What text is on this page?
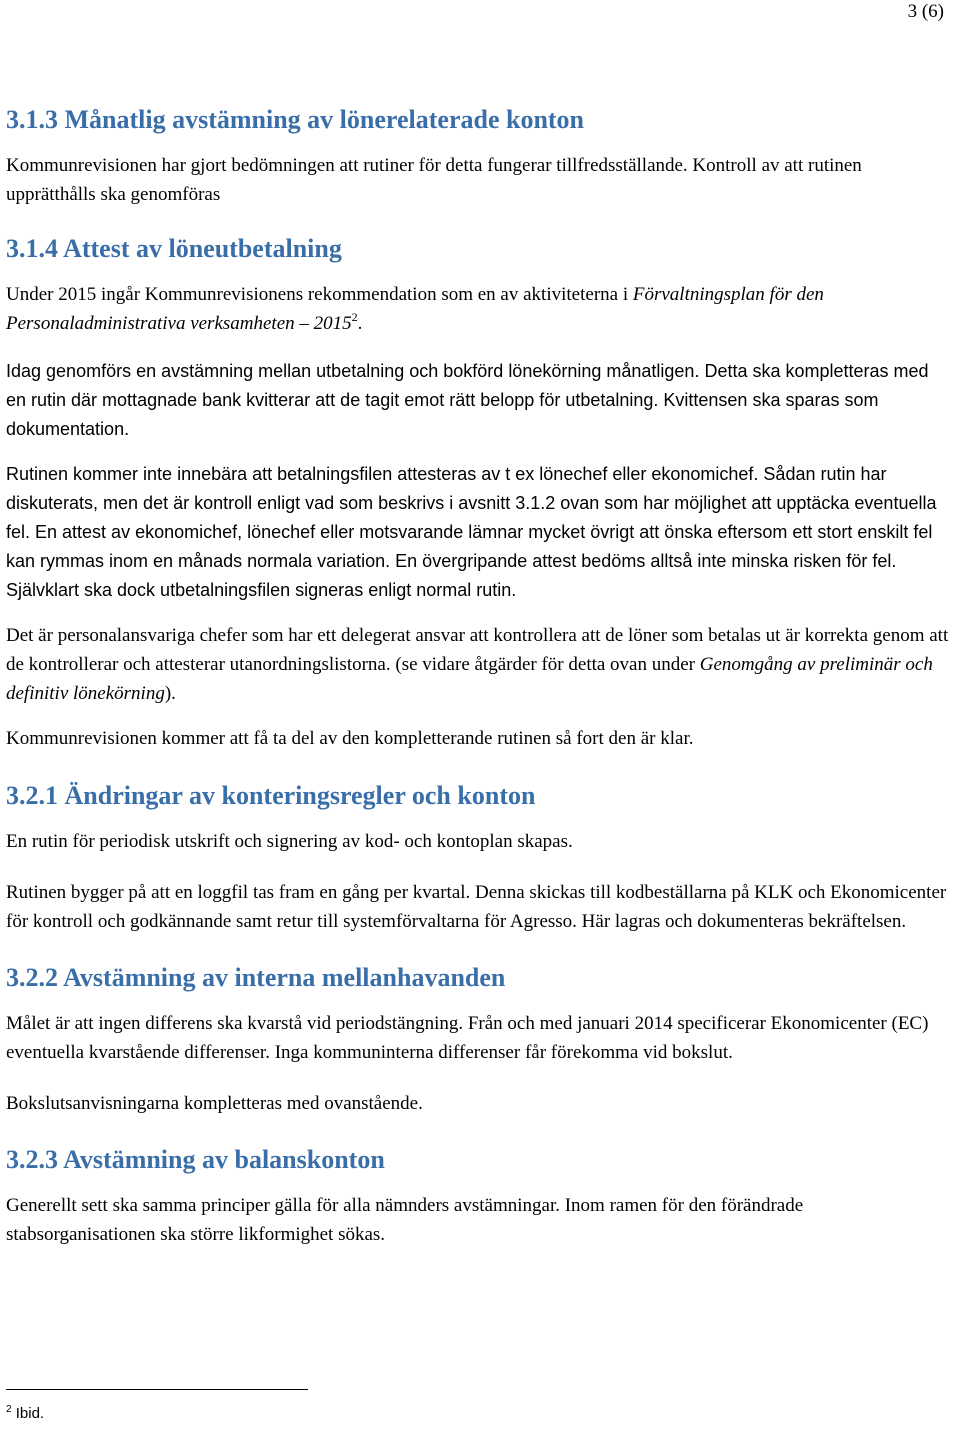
3 (6)
3.1.3 Månatlig avstämning av lönerelaterade konton

Kommunrevisionen har gjort bedömningen att rutiner för detta fungerar tillfredsställande. Kontroll av att rutinen upprätthålls ska genomföras

3.1.4 Attest av löneutbetalning

Under 2015 ingår Kommunrevisionens rekommendation som en av aktiviteterna i Förvaltningsplan för den Personaladministrativa verksamheten – 2015$^2$.

Idag genomförs en avstämning mellan utbetalning och bokförd lönekörning månatligen. Detta ska kompletteras med en rutin där mottagnade bank kvitterar att de tagit emot rätt belopp för utbetalning. Kvittensen ska sparas som dokumentation.

Rutinen kommer inte innebära att betalningsfilen attesteras av t ex lönechef eller ekonomichef. Sådan rutin har diskuterats, men det är kontroll enligt vad som beskrivs i avsnitt 3.1.2 ovan som har möjlighet att upptäcka eventuella fel. En attest av ekonomichef, lönechef eller motsvarande lämnar mycket övrigt att önska eftersom ett stort enskilt fel kan rymmas inom en månads normala variation. En övergripande attest bedöms alltså inte minska risken för fel. Självklart ska dock utbetalningsfilen signeras enligt normal rutin.

Det är personalansvariga chefer som har ett delegerat ansvar att kontrollera att de löner som betalas ut är korrekta genom att de kontrollerar och attesterar utanordningslistorna. (se vidare åtgärder för detta ovan under Genomgång av preliminär och definitiv lönekörning).

Kommunrevisionen kommer att få ta del av den kompletterande rutinen så fort den är klar.

3.2.1 Ändringar av konteringsregler och konton

En rutin för periodisk utskrift och signering av kod- och kontoplan skapas.

Rutinen bygger på att en loggfil tas fram en gång per kvartal. Denna skickas till kodbeställarna på KLK och Ekonomicenter för kontroll och godkännande samt retur till systemförvaltarna för Agresso. Här lagras och dokumenteras bekräftelsen.

3.2.2 Avstämning av interna mellanhavanden

Målet är att ingen differens ska kvarstå vid periodstängning. Från och med januari 2014 specificerar Ekonomicenter (EC) eventuella kvarstående differenser. Inga kommuninterna differenser får förekomma vid bokslut.

Bokslutsanvisningarna kompletteras med ovanstående.

3.2.3 Avstämning av balanskonton

Generellt sett ska samma principer gälla för alla nämnders avstämningar. Inom ramen för den förändrade stabsorganisationen ska större likformighet sökas.

$^2$ Ibid.
